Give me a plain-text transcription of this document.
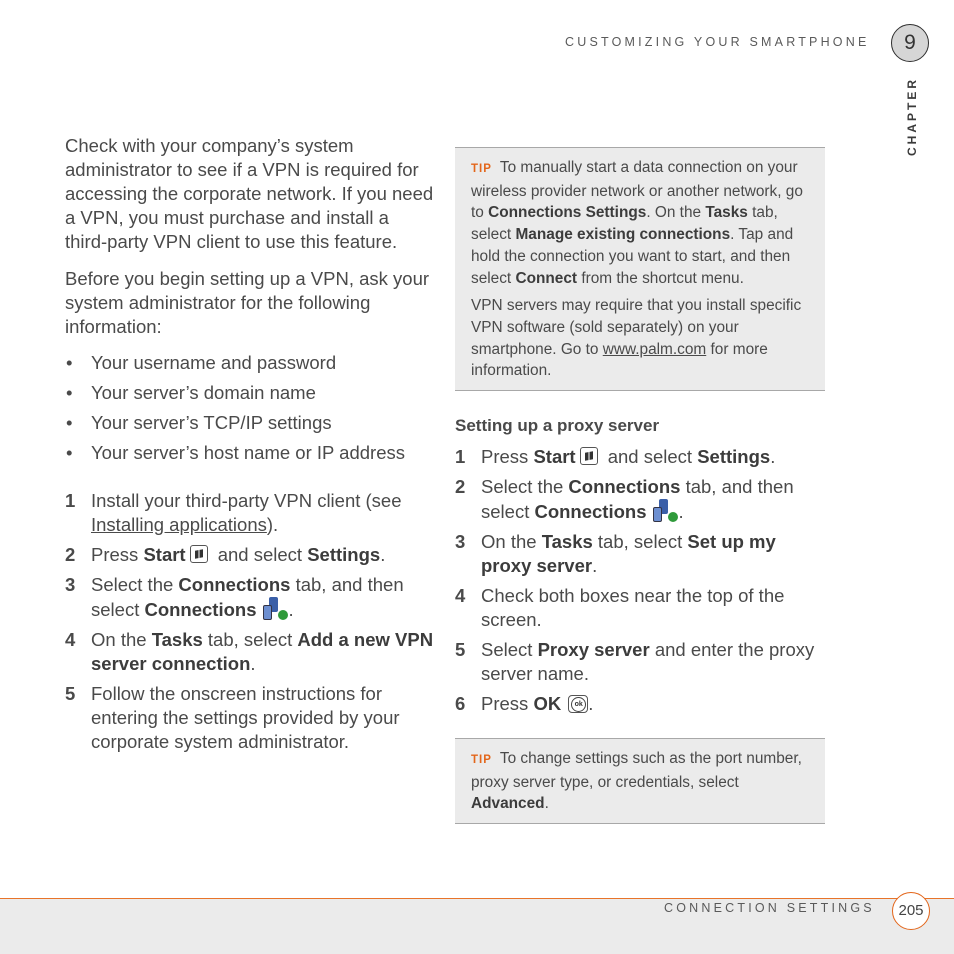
CUSTOMIZING YOUR SMARTPHONE	9
CHAPTER

Check with your company’s system administrator to see if a VPN is required for accessing the corporate network. If you need a VPN, you must purchase and install a third-party VPN client to use this feature.

Before you begin setting up a VPN, ask your system administrator for the following information:

• Your username and password
• Your server’s domain name
• Your server’s TCP/IP settings
• Your server’s host name or IP address
1 Install your third-party VPN client (see Installing applications).
2 Press Start and select Settings.
3 Select the Connections tab, and then select Connections .
4 On the Tasks tab, select Add a new VPN server connection.
5 Follow the onscreen instructions for entering the settings provided by your corporate system administrator.

TIP To manually start a data connection on your wireless provider network or another network, go to Connections Settings. On the Tasks tab, select Manage existing connections. Tap and hold the connection you want to start, and then select Connect from the shortcut menu.

VPN servers may require that you install specific VPN software (sold separately) on your smartphone. Go to www.palm.com for more information.

Setting up a proxy server
1 Press Start and select Settings.
2 Select the Connections tab, and then select Connections .
3 On the Tasks tab, select Set up my proxy server.
4 Check both boxes near the top of the screen.
5 Select Proxy server and enter the proxy server name.
6 Press OKok .

TIP To change settings such as the port number, proxy server type, or credentials, select Advanced.

CONNECTION SETTINGS	205
